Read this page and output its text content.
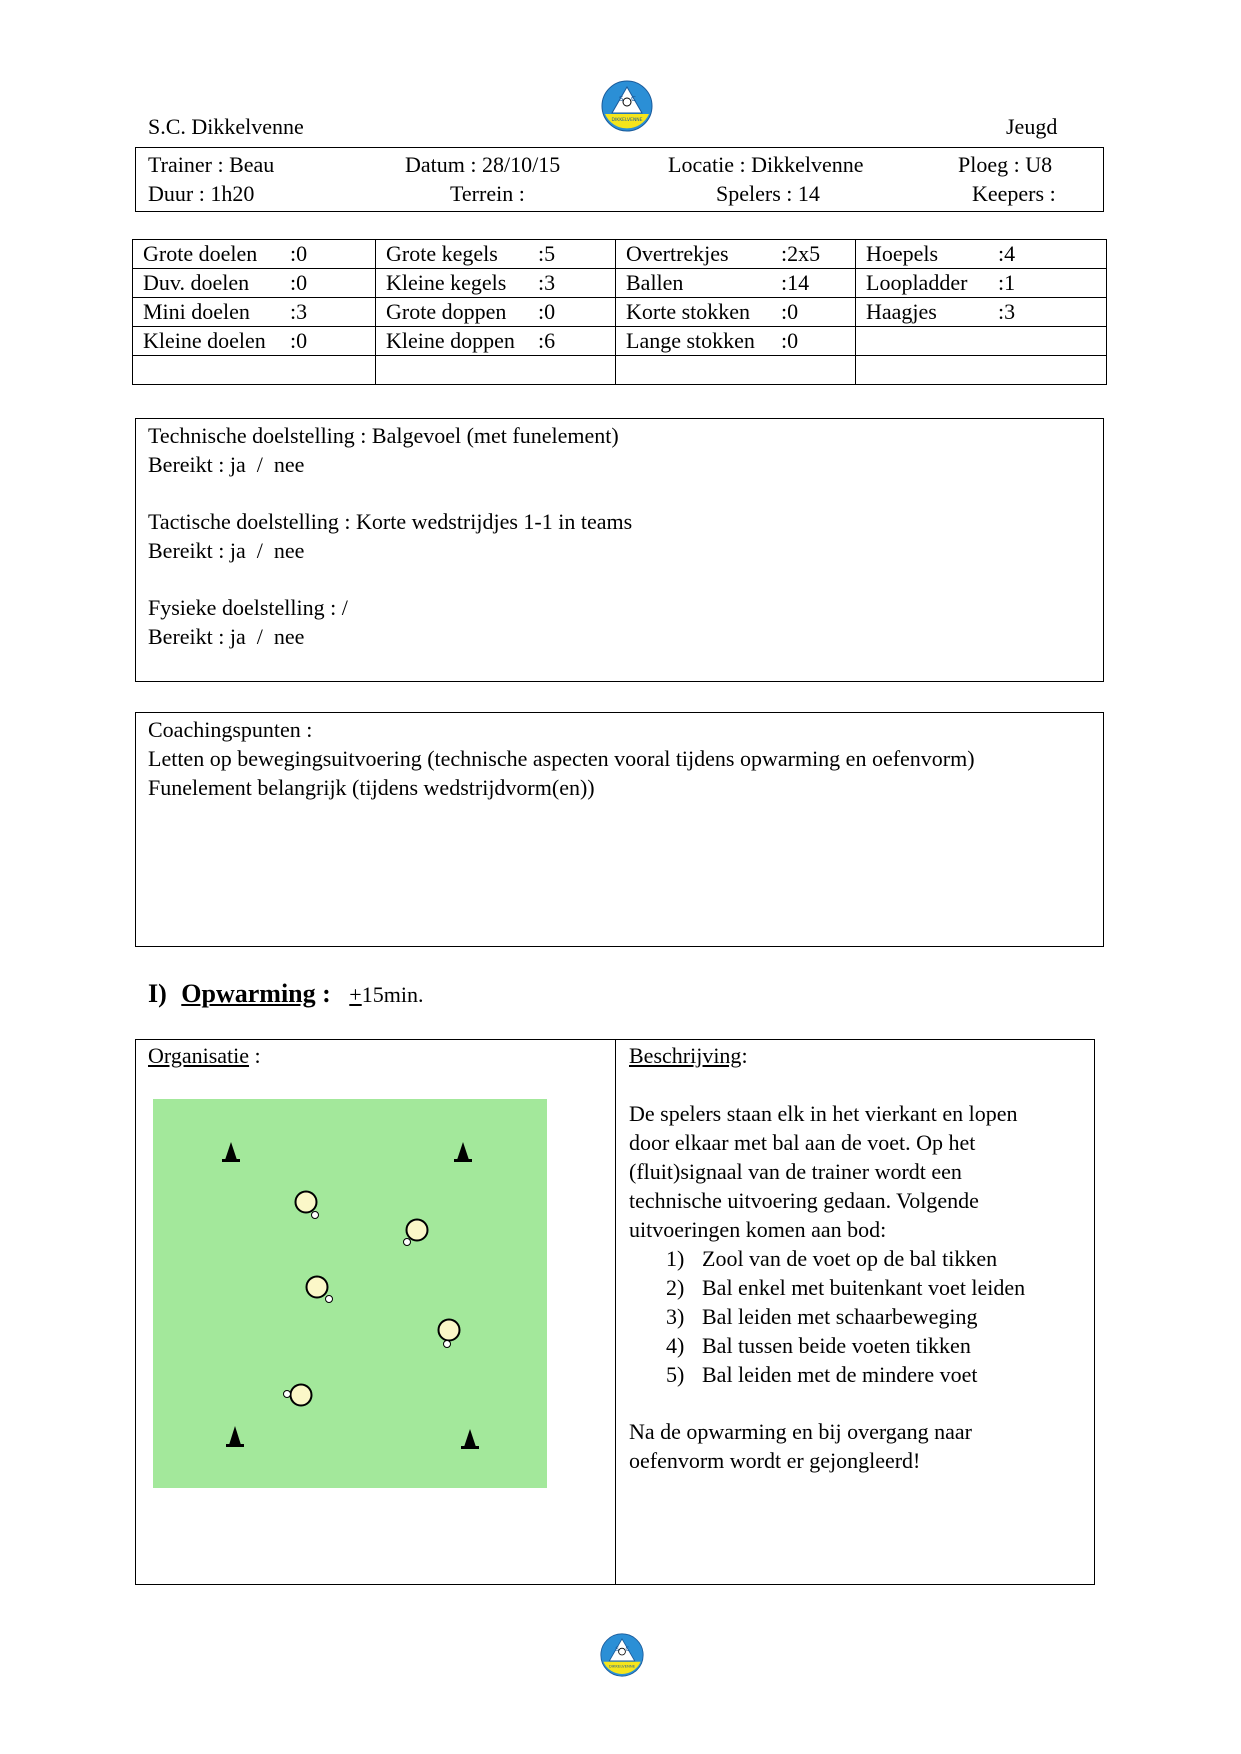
S C
DIKKELVENNE
S.C. Dikkelvenne	Jeugd
Trainer : Beau	Datum : 28/10/15	Locatie : Dikkelvenne	Ploeg : U8
Duur : 1h20	Terrein :	Spelers : 14	Keepers :
Grote doelen :0	Grote kegels :5	Overtrekjes :2x5	Hoepels :4

Duv. doelen :0	Kleine kegels :3	Ballen :14	Loopladder :1

Mini doelen :3	Grote doppen :0	Korte stokken :0	Haagjes :3

Kleine doelen :0	Kleine doppen :6	Lange stokken :0	

Technische doelstelling : Balgevoel (met funelement)
Bereikt : ja  /  nee
Tactische doelstelling : Korte wedstrijdjes 1-1 in teams
Bereikt : ja  /  nee
Fysieke doelstelling : /
Bereikt : ja  /  nee
Coachingspunten :
Letten op bewegingsuitvoering (technische aspecten vooral tijdens opwarming en oefenvorm)
Funelement belangrijk (tijdens wedstrijdvorm(en))
I) Opwarming : +15min.
Organisatie :	Beschrijving:
De spelers staan elk in het vierkant en lopen
door elkaar met bal aan de voet. Op het
(fluit)signaal van de trainer wordt een
technische uitvoering gedaan. Volgende
uitvoeringen komen aan bod:
1) Zool van de voet op de bal tikken
2) Bal enkel met buitenkant voet leiden
3) Bal leiden met schaarbeweging
4) Bal tussen beide voeten tikken
5) Bal leiden met de mindere voet
Na de opwarming en bij overgang naar
oefenvorm wordt er gejongleerd!
S C
DIKKELVENNE
